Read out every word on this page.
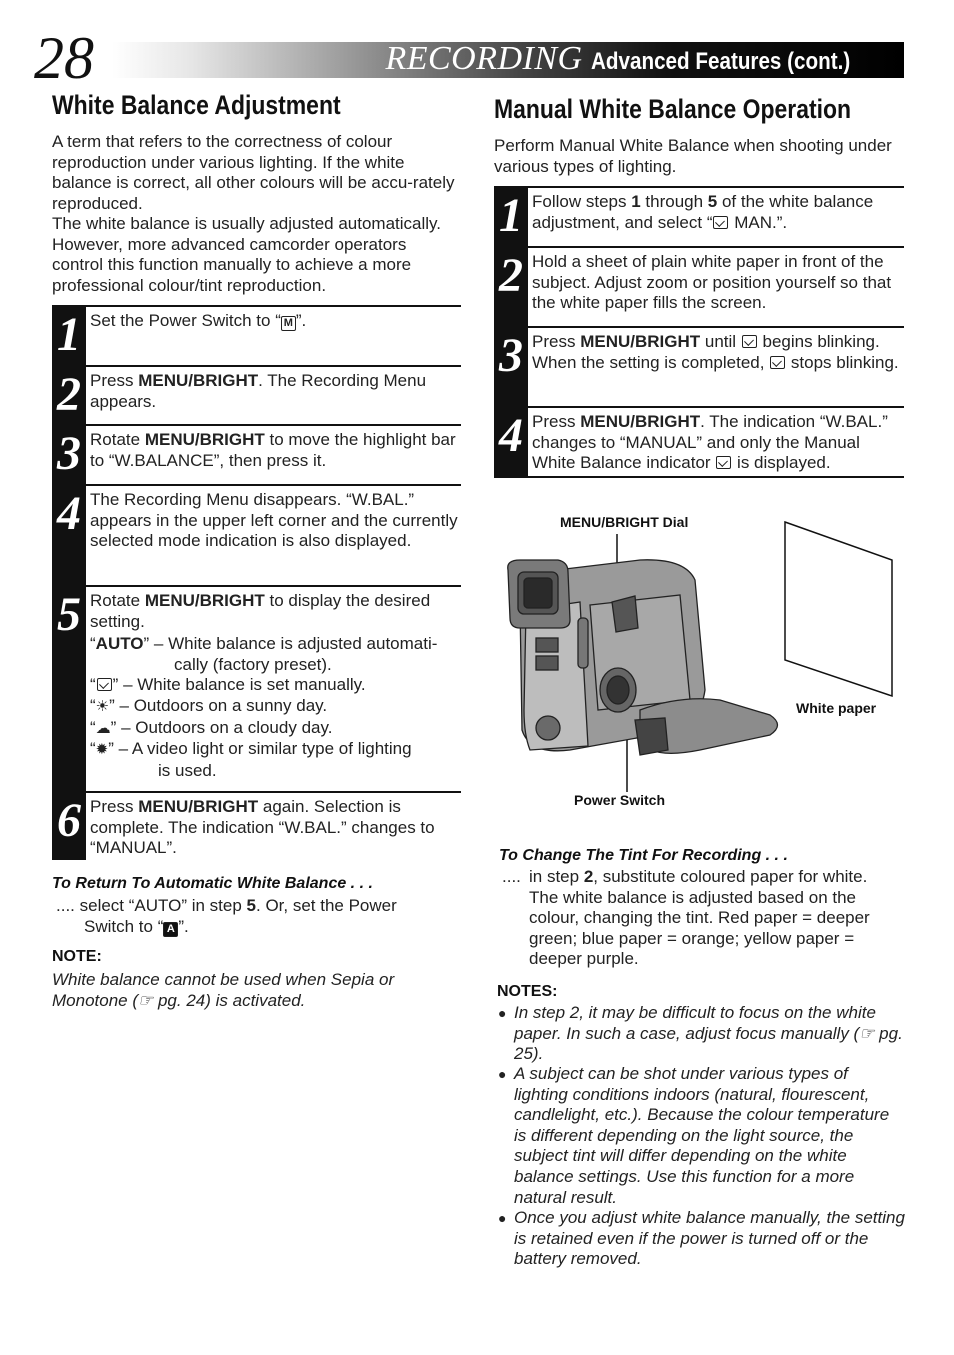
28	RECORDING Advanced Features (cont.)
White Balance Adjustment
A term that refers to the correctness of colour reproduction under various lighting. If the white balance is correct, all other colours will be accu-rately reproduced.
The white balance is usually adjusted automatically. However, more advanced camcorder operators control this function manually to achieve a more professional colour/tint reproduction.
1 Set the Power Switch to “ M ”.
2 Press MENU/BRIGHT. The Recording Menu appears.
3 Rotate MENU/BRIGHT to move the highlight bar to “W.BALANCE”, then press it.
4 The Recording Menu disappears. “W.BAL.” appears in the upper left corner and the currently selected mode indication is also displayed.
5 Rotate MENU/BRIGHT to display the desired setting.
“AUTO” – White balance is adjusted automati-
cally (factory preset).
“ ” – White balance is set manually.
“☀” – Outdoors on a sunny day.
“☁” – Outdoors on a cloudy day.
“✹” – A video light or similar type of lighting
is used.
6 Press MENU/BRIGHT again. Selection is complete. The indication “W.BAL.” changes to “MANUAL”.
To Return To Automatic White Balance . . .
.... select “AUTO” in step 5. Or, set the Power
Switch to “ A ”.
NOTE:
White balance cannot be used when Sepia or Monotone (☞ pg. 24) is activated.
Manual White Balance Operation
Perform Manual White Balance when shooting under various types of lighting.
1 Follow steps 1 through 5 of the white balance adjustment, and select “ MAN.”.
2 Hold a sheet of plain white paper in front of the subject. Adjust zoom or position yourself so that the white paper fills the screen.
3 Press MENU/BRIGHT until  begins blinking. When the setting is completed,  stops blinking.
4 Press MENU/BRIGHT. The indication “W.BAL.” changes to “MANUAL” and only the Manual White Balance indicator  is displayed.
MENU/BRIGHT Dial
White paper
Power Switch
To Change The Tint For Recording . . .
.... in step 2, substitute coloured paper for white. The white balance is adjusted based on the colour, changing the tint. Red paper = deeper green; blue paper = orange; yellow paper = deeper purple.
NOTES:
● In step 2, it may be difficult to focus on the white paper. In such a case, adjust focus manually (☞ pg. 25).
● A subject can be shot under various types of lighting conditions indoors (natural, flourescent, candlelight, etc.). Because the colour temperature is different depending on the light source, the subject tint will differ depending on the white balance settings. Use this function for a more natural result.
● Once you adjust white balance manually, the setting is retained even if the power is turned off or the battery removed.
